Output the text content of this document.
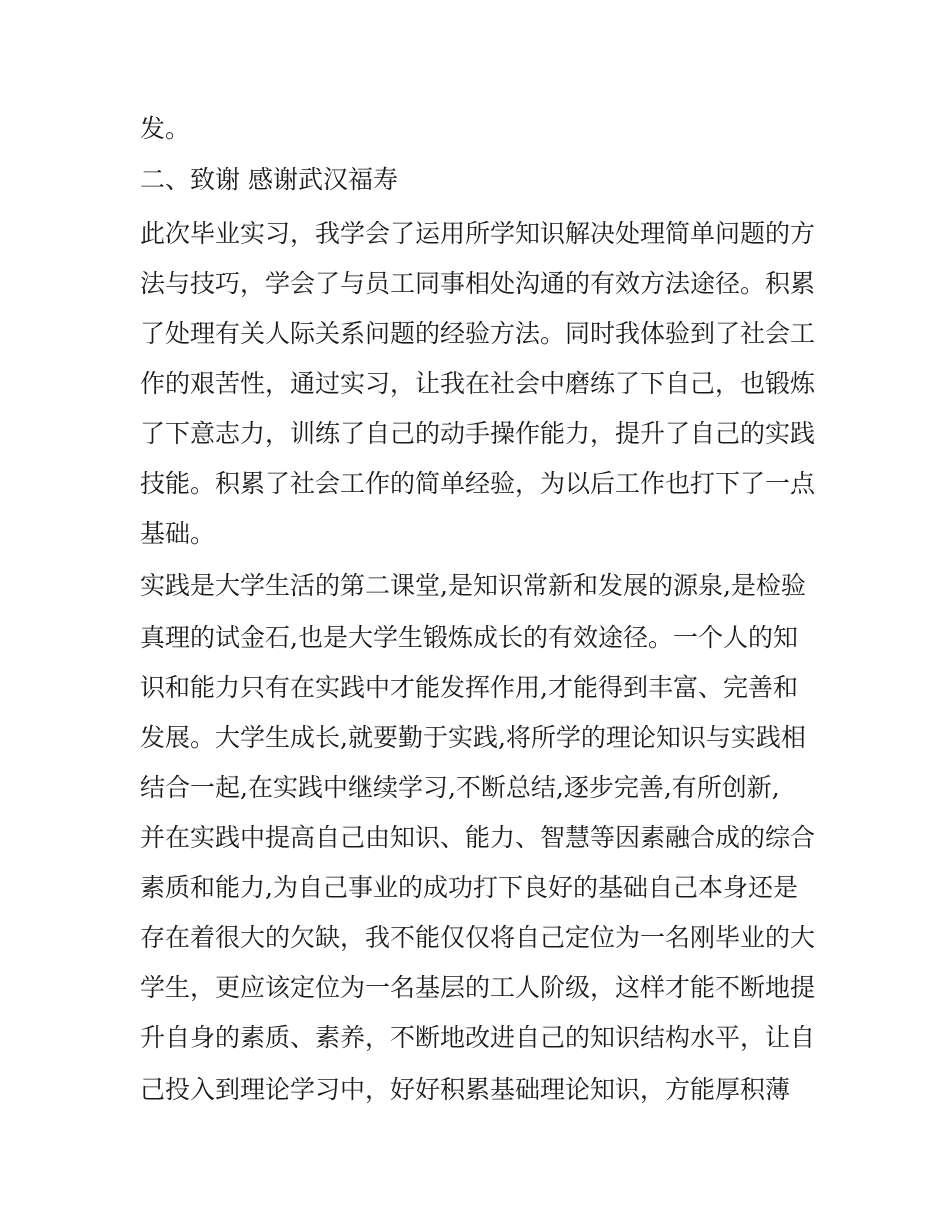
发。
二、致谢 感谢武汉福寿
此次毕业实习，我学会了运用所学知识解决处理简单问题的方
法与技巧，学会了与员工同事相处沟通的有效方法途径。积累
了处理有关人际关系问题的经验方法。同时我体验到了社会工
作的艰苦性，通过实习，让我在社会中磨练了下自己，也锻炼
了下意志力，训练了自己的动手操作能力，提升了自己的实践
技能。积累了社会工作的简单经验，为以后工作也打下了一点
基础。
实践是大学生活的第二课堂,是知识常新和发展的源泉,是检验
真理的试金石,也是大学生锻炼成长的有效途径。一个人的知
识和能力只有在实践中才能发挥作用,才能得到丰富、完善和
发展。大学生成长,就要勤于实践,将所学的理论知识与实践相
结合一起,在实践中继续学习,不断总结,逐步完善,有所创新,
并在实践中提高自己由知识、能力、智慧等因素融合成的综合
素质和能力,为自己事业的成功打下良好的基础自己本身还是
存在着很大的欠缺，我不能仅仅将自己定位为一名刚毕业的大
学生，更应该定位为一名基层的工人阶级，这样才能不断地提
升自身的素质、素养，不断地改进自己的知识结构水平，让自
己投入到理论学习中，好好积累基础理论知识，方能厚积薄
